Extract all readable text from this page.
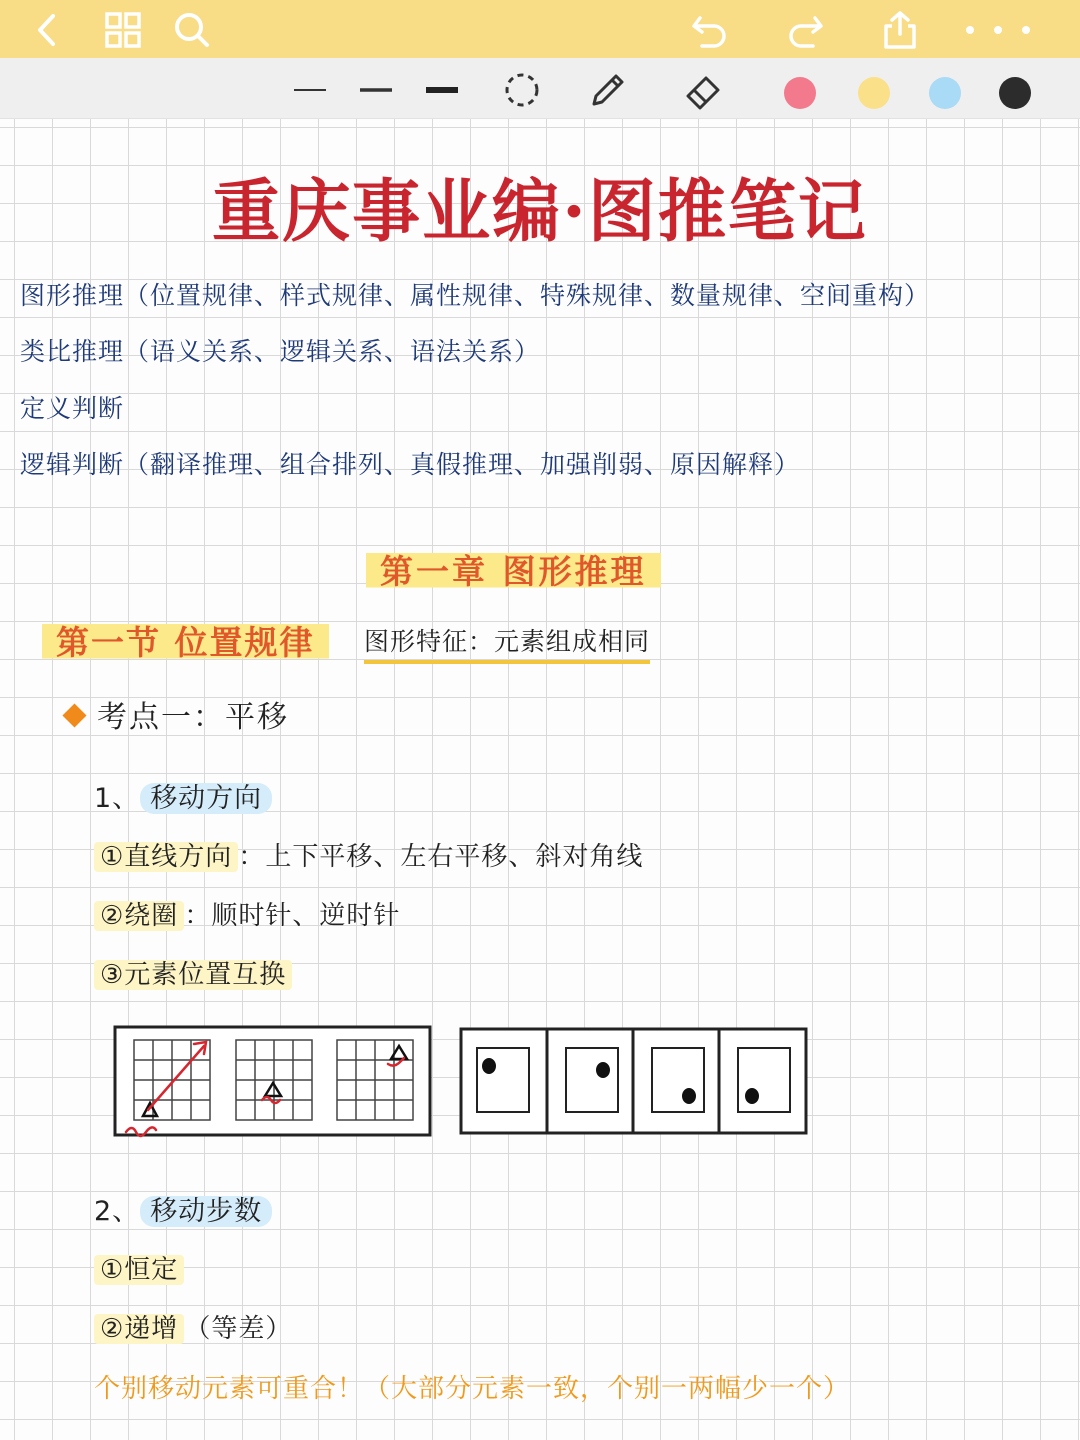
重庆事业编·图推笔记
图形推理（位置规律、样式规律、属性规律、特殊规律、数量规律、空间重构）
类比推理（语义关系、逻辑关系、语法关系）
定义判断
逻辑判断（翻译推理、组合排列、真假推理、加强削弱、原因解释）
第一章 图形推理
第一节 位置规律	图形特征：元素组成相同
考点一：平移
1、 移动方向
①直线方向 ：上下平移、左右平移、斜对角线
②绕圈 ：顺时针、逆时针
③元素位置互换
2、 移动步数
①恒定
②递增 （等差）
个别移动元素可重合！（大部分元素一致，个别一两幅少一个）
